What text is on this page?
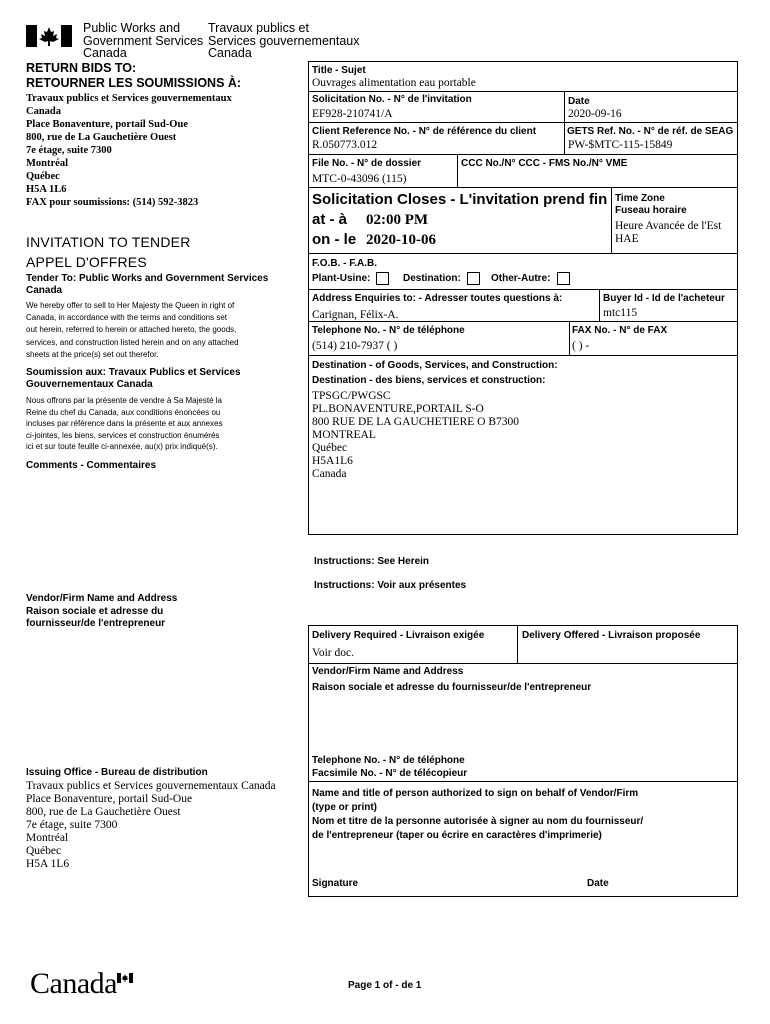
Public Works and
Government Services
Canada
Travaux publics et
Services gouvernementaux
Canada
RETURN BIDS TO:
RETOURNER LES SOUMISSIONS À:
Travaux publics et Services gouvernementaux
Canada
Place Bonaventure, portail Sud-Oue
800, rue de La Gauchetière Ouest
7e étage, suite 7300
Montréal
Québec
H5A 1L6
FAX pour soumissions: (514) 592-3823
INVITATION TO TENDER
APPEL D'OFFRES
Tender To: Public Works and Government Services Canada
We hereby offer to sell to Her Majesty the Queen in right of
Canada, in accordance with the terms and conditions set
out herein, referred to herein or attached hereto, the goods,
services, and construction listed herein and on any attached
sheets at the price(s) set out therefor.
Soumission aux: Travaux Publics et Services
Gouvernementaux Canada
Nous offrons par la présente de vendre à Sa Majesté la
Reine du chef du Canada, aux conditions énoncées ou
incluses par référence dans la présente et aux annexes
ci-jointes, les biens, services et construction énumérés
ici et sur toute feuille ci-annexée, au(x) prix indiqué(s).
Comments - Commentaires
Vendor/Firm Name and Address
Raison sociale et adresse du
fournisseur/de l'entrepreneur
Issuing Office - Bureau de distribution
Travaux publics et Services gouvernementaux Canada
Place Bonaventure, portail Sud-Oue
800, rue de La Gauchetière Ouest
7e étage, suite 7300
Montréal
Québec
H5A 1L6
Title - Sujet
Ouvrages alimentation eau portable
Solicitation No. - N° de l'invitation
EF928-210741/A
Date
2020-09-16
Client Reference No. - N° de référence du client
R.050773.012
GETS Ref. No. - N° de réf. de SEAG
PW-$MTC-115-15849
File No. - N° de dossier
MTC-0-43096 (115)
CCC No./N° CCC - FMS No./N° VME
Solicitation Closes - L'invitation prend fin
at - à 02:00 PM
on - le 2020-10-06
Time Zone
Fuseau horaire
Heure Avancée de l'Est
HAE
F.O.B. - F.A.B.
Plant-Usine:	Destination:	Other-Autre:
Address Enquiries to: - Adresser toutes questions à:
Carignan, Félix-A.
Buyer Id - Id de l'acheteur
mtc115
Telephone No. - N° de téléphone
(514) 210-7937 ( )
FAX No. - N° de FAX
( ) -
Destination - of Goods, Services, and Construction:
Destination - des biens, services et construction:
TPSGC/PWGSC
PL.BONAVENTURE,PORTAIL S-O
800 RUE DE LA GAUCHETIERE O B7300
MONTREAL
Québec
H5A1L6
Canada
Instructions: See Herein
Instructions: Voir aux présentes
Delivery Required - Livraison exigée
Voir doc.
Delivery Offered - Livraison proposée
Vendor/Firm Name and Address
Raison sociale et adresse du fournisseur/de l'entrepreneur
Telephone No. - N° de téléphone
Facsimile No. - N° de télécopieur
Name and title of person authorized to sign on behalf of Vendor/Firm
(type or print)
Nom et titre de la personne autorisée à signer au nom du fournisseur/
de l'entrepreneur (taper ou écrire en caractères d'imprimerie)
Signature	Date
Canada	Page 1 of - de 1
